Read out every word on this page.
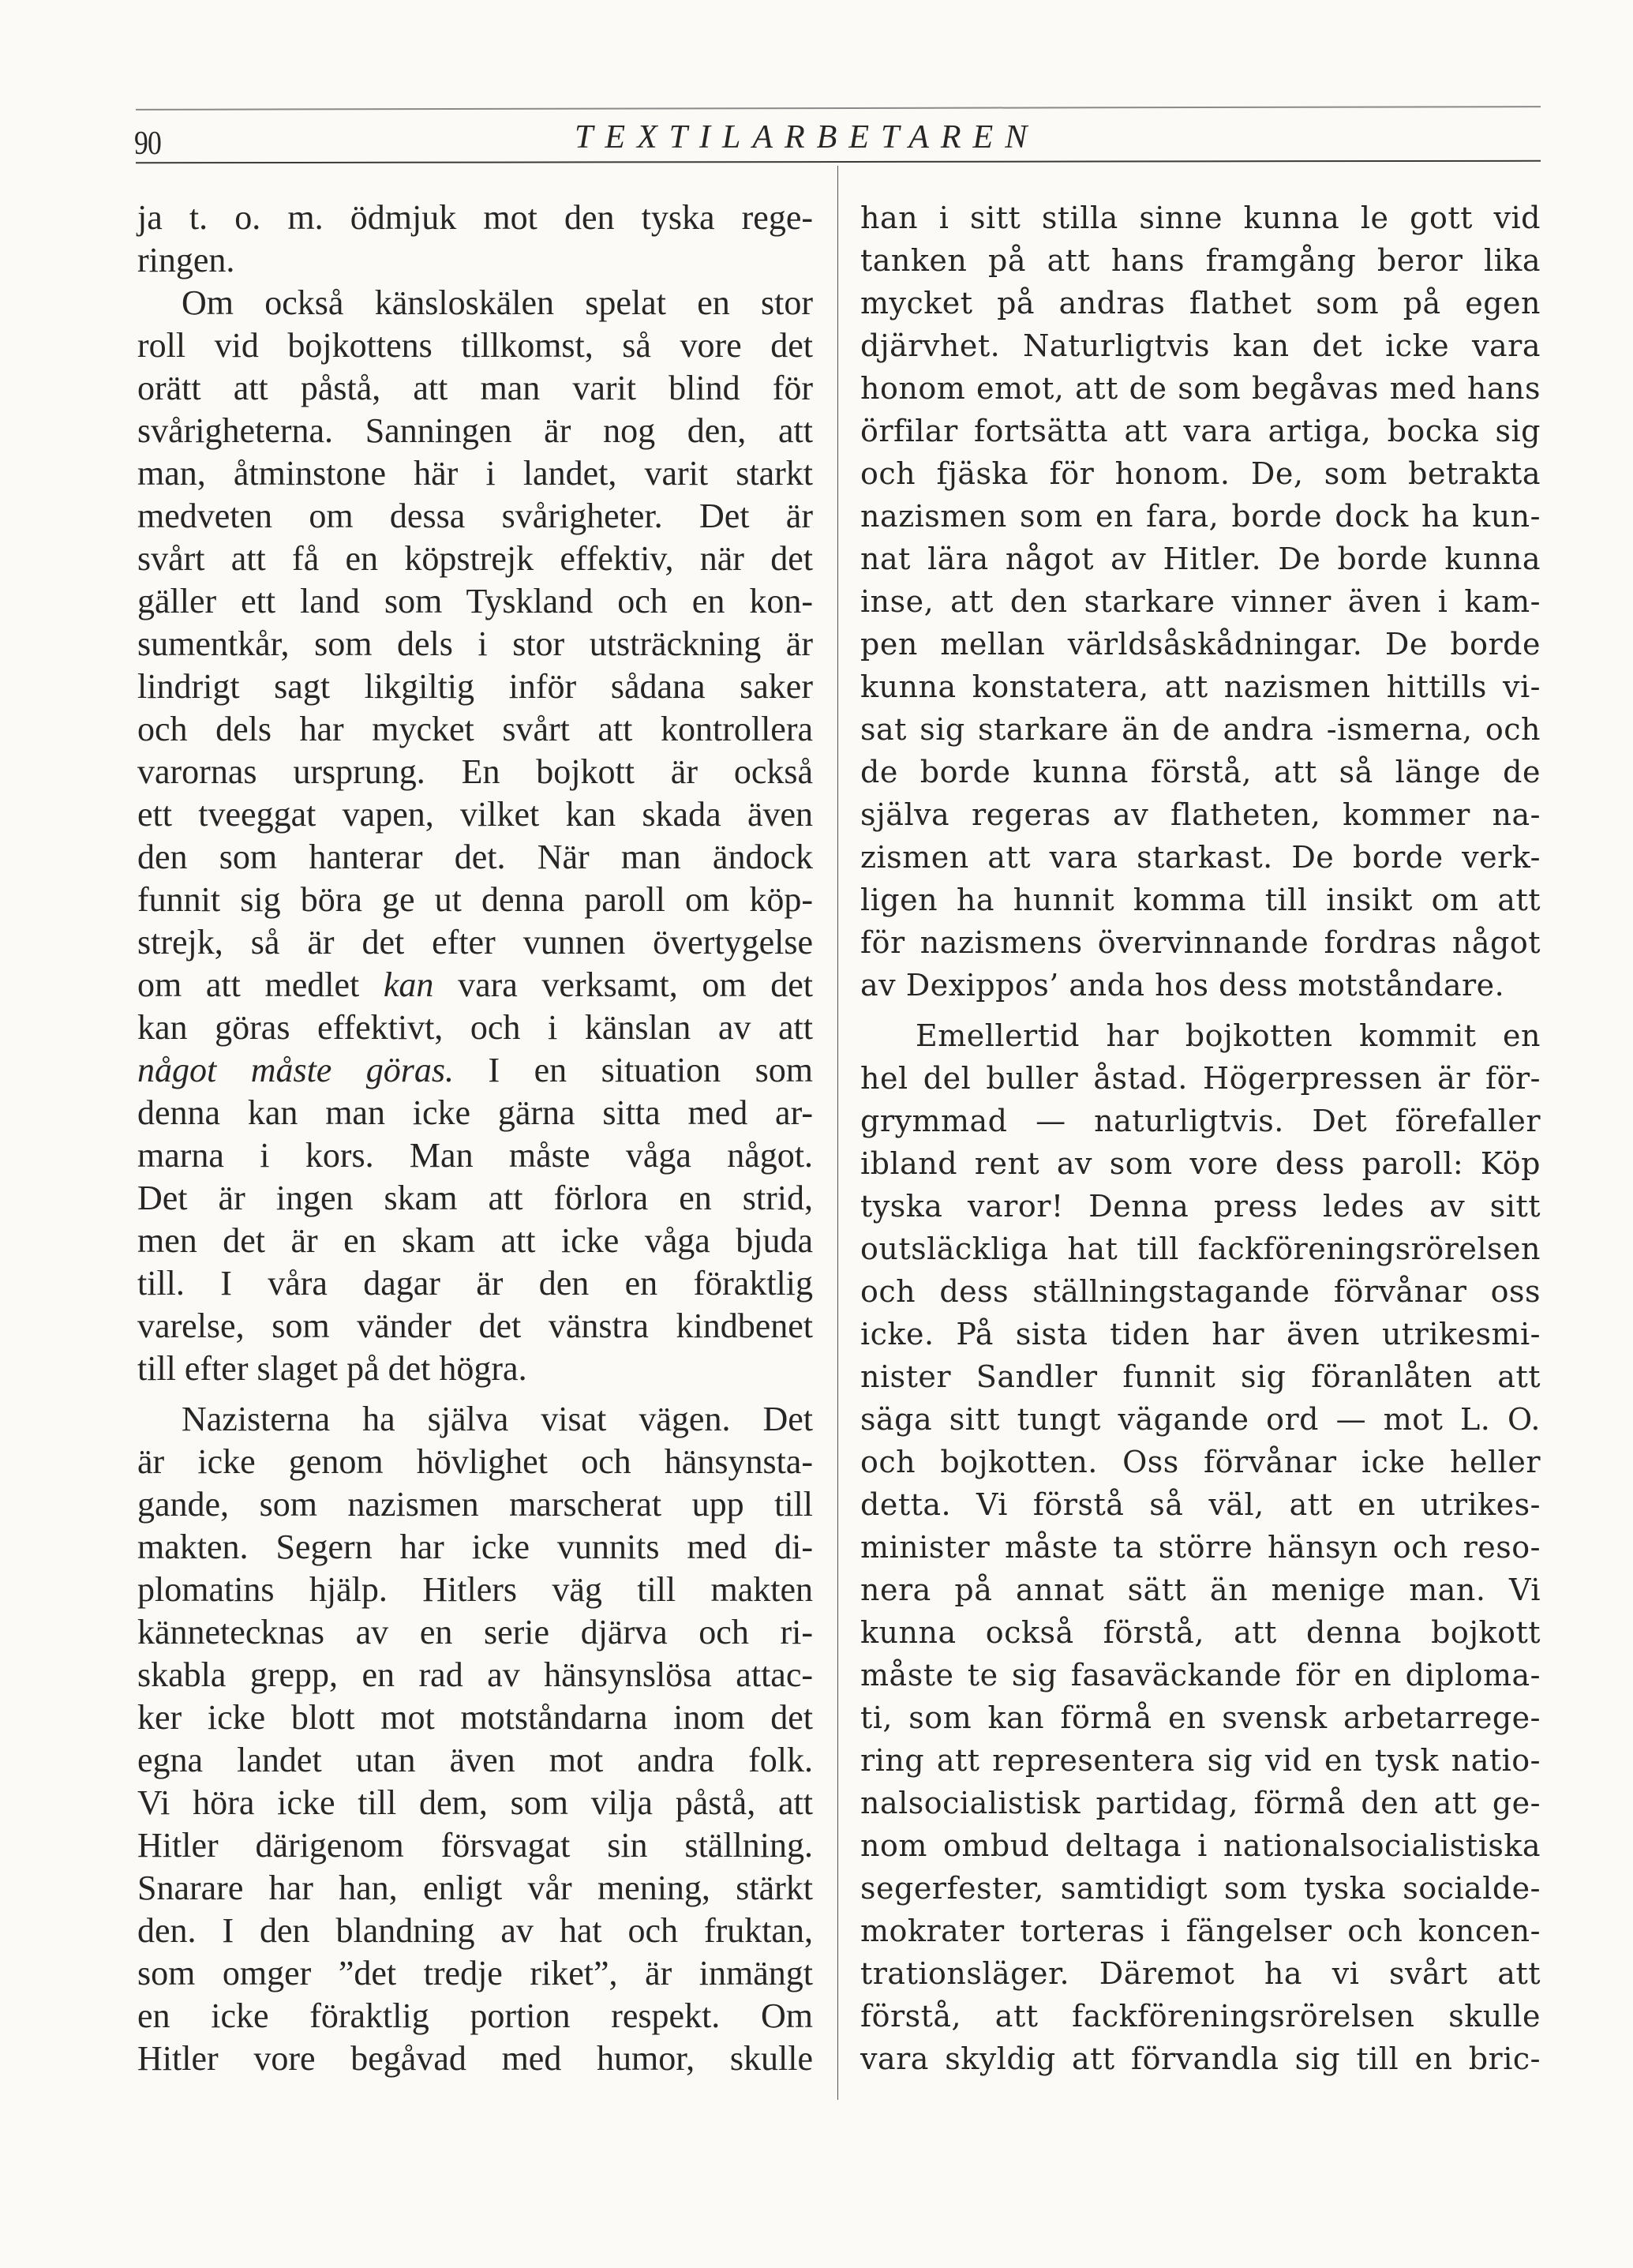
90	TEXTILARBETAREN
ja t. o. m. ödmjuk mot den tyska rege-
ringen.
Om också känsloskälen spelat en stor
roll vid bojkottens tillkomst, så vore det
orätt att påstå, att man varit blind för
svårigheterna. Sanningen är nog den, att
man, åtminstone här i landet, varit starkt
medveten om dessa svårigheter. Det är
svårt att få en köpstrejk effektiv, när det
gäller ett land som Tyskland och en kon-
sumentkår, som dels i stor utsträckning är
lindrigt sagt likgiltig inför sådana saker
och dels har mycket svårt att kontrollera
varornas ursprung. En bojkott är också
ett tveeggat vapen, vilket kan skada även
den som hanterar det. När man ändock
funnit sig böra ge ut denna paroll om köp-
strejk, så är det efter vunnen övertygelse
om att medlet kan vara verksamt, om det
kan göras effektivt, och i känslan av att
något måste göras. I en situation som
denna kan man icke gärna sitta med ar-
marna i kors. Man måste våga något.
Det är ingen skam att förlora en strid,
men det är en skam att icke våga bjuda
till. I våra dagar är den en föraktlig
varelse, som vänder det vänstra kindbenet
till efter slaget på det högra.
Nazisterna ha själva visat vägen. Det
är icke genom hövlighet och hänsynsta-
gande, som nazismen marscherat upp till
makten. Segern har icke vunnits med di-
plomatins hjälp. Hitlers väg till makten
kännetecknas av en serie djärva och ri-
skabla grepp, en rad av hänsynslösa attac-
ker icke blott mot motståndarna inom det
egna landet utan även mot andra folk.
Vi höra icke till dem, som vilja påstå, att
Hitler därigenom försvagat sin ställning.
Snarare har han, enligt vår mening, stärkt
den. I den blandning av hat och fruktan,
som omger ”det tredje riket”, är inmängt
en icke föraktlig portion respekt. Om
Hitler vore begåvad med humor, skulle
han i sitt stilla sinne kunna le gott vid
tanken på att hans framgång beror lika
mycket på andras flathet som på egen
djärvhet. Naturligtvis kan det icke vara
honom emot, att de som begåvas med hans
örfilar fortsätta att vara artiga, bocka sig
och fjäska för honom. De, som betrakta
nazismen som en fara, borde dock ha kun-
nat lära något av Hitler. De borde kunna
inse, att den starkare vinner även i kam-
pen mellan världsåskådningar. De borde
kunna konstatera, att nazismen hittills vi-
sat sig starkare än de andra -ismerna, och
de borde kunna förstå, att så länge de
själva regeras av flatheten, kommer na-
zismen att vara starkast. De borde verk-
ligen ha hunnit komma till insikt om att
för nazismens övervinnande fordras något
av Dexippos’ anda hos dess motståndare.
Emellertid har bojkotten kommit en
hel del buller åstad. Högerpressen är för-
grymmad — naturligtvis. Det förefaller
ibland rent av som vore dess paroll: Köp
tyska varor! Denna press ledes av sitt
outsläckliga hat till fackföreningsrörelsen
och dess ställningstagande förvånar oss
icke. På sista tiden har även utrikesmi-
nister Sandler funnit sig föranlåten att
säga sitt tungt vägande ord — mot L. O.
och bojkotten. Oss förvånar icke heller
detta. Vi förstå så väl, att en utrikes-
minister måste ta större hänsyn och reso-
nera på annat sätt än menige man. Vi
kunna också förstå, att denna bojkott
måste te sig fasaväckande för en diploma-
ti, som kan förmå en svensk arbetarrege-
ring att representera sig vid en tysk natio-
nalsocialistisk partidag, förmå den att ge-
nom ombud deltaga i nationalsocialistiska
segerfester, samtidigt som tyska socialde-
mokrater torteras i fängelser och koncen-
trationsläger. Däremot ha vi svårt att
förstå, att fackföreningsrörelsen skulle
vara skyldig att förvandla sig till en bric-
